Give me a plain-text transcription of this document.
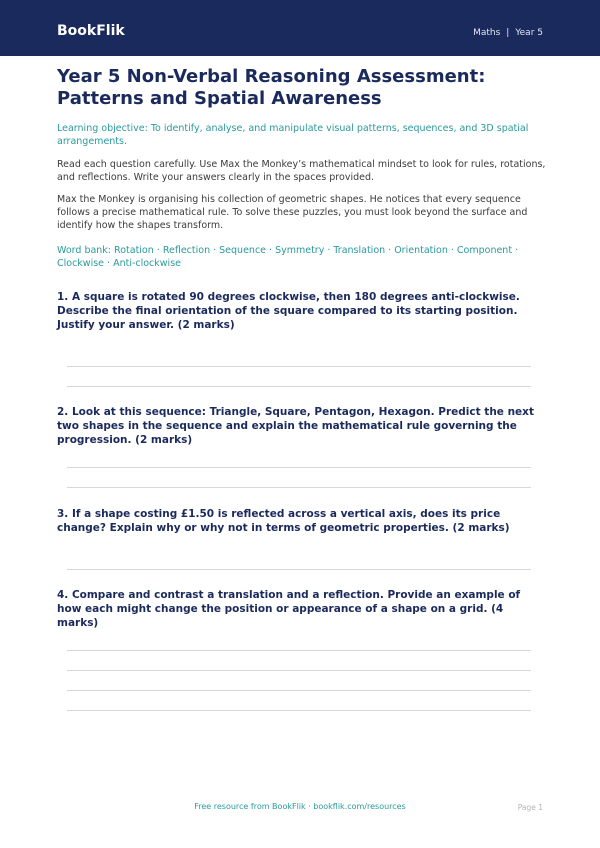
BookFlik	Maths | Year 5
Year 5 Non-Verbal Reasoning Assessment: Patterns and Spatial Awareness
Learning objective: To identify, analyse, and manipulate visual patterns, sequences, and 3D spatial arrangements.
Read each question carefully. Use Max the Monkey’s mathematical mindset to look for rules, rotations, and reflections. Write your answers clearly in the spaces provided.
Max the Monkey is organising his collection of geometric shapes. He notices that every sequence follows a precise mathematical rule. To solve these puzzles, you must look beyond the surface and identify how the shapes transform.
Word bank: Rotation · Reflection · Sequence · Symmetry · Translation · Orientation · Component · Clockwise · Anti-clockwise
1. A square is rotated 90 degrees clockwise, then 180 degrees anti-clockwise. Describe the final orientation of the square compared to its starting position. Justify your answer. (2 marks)
2. Look at this sequence: Triangle, Square, Pentagon, Hexagon. Predict the next two shapes in the sequence and explain the mathematical rule governing the progression. (2 marks)
3. If a shape costing £1.50 is reflected across a vertical axis, does its price change? Explain why or why not in terms of geometric properties. (2 marks)
4. Compare and contrast a translation and a reflection. Provide an example of how each might change the position or appearance of a shape on a grid. (4 marks)
Free resource from BookFlik · bookflik.com/resources	Page 1
